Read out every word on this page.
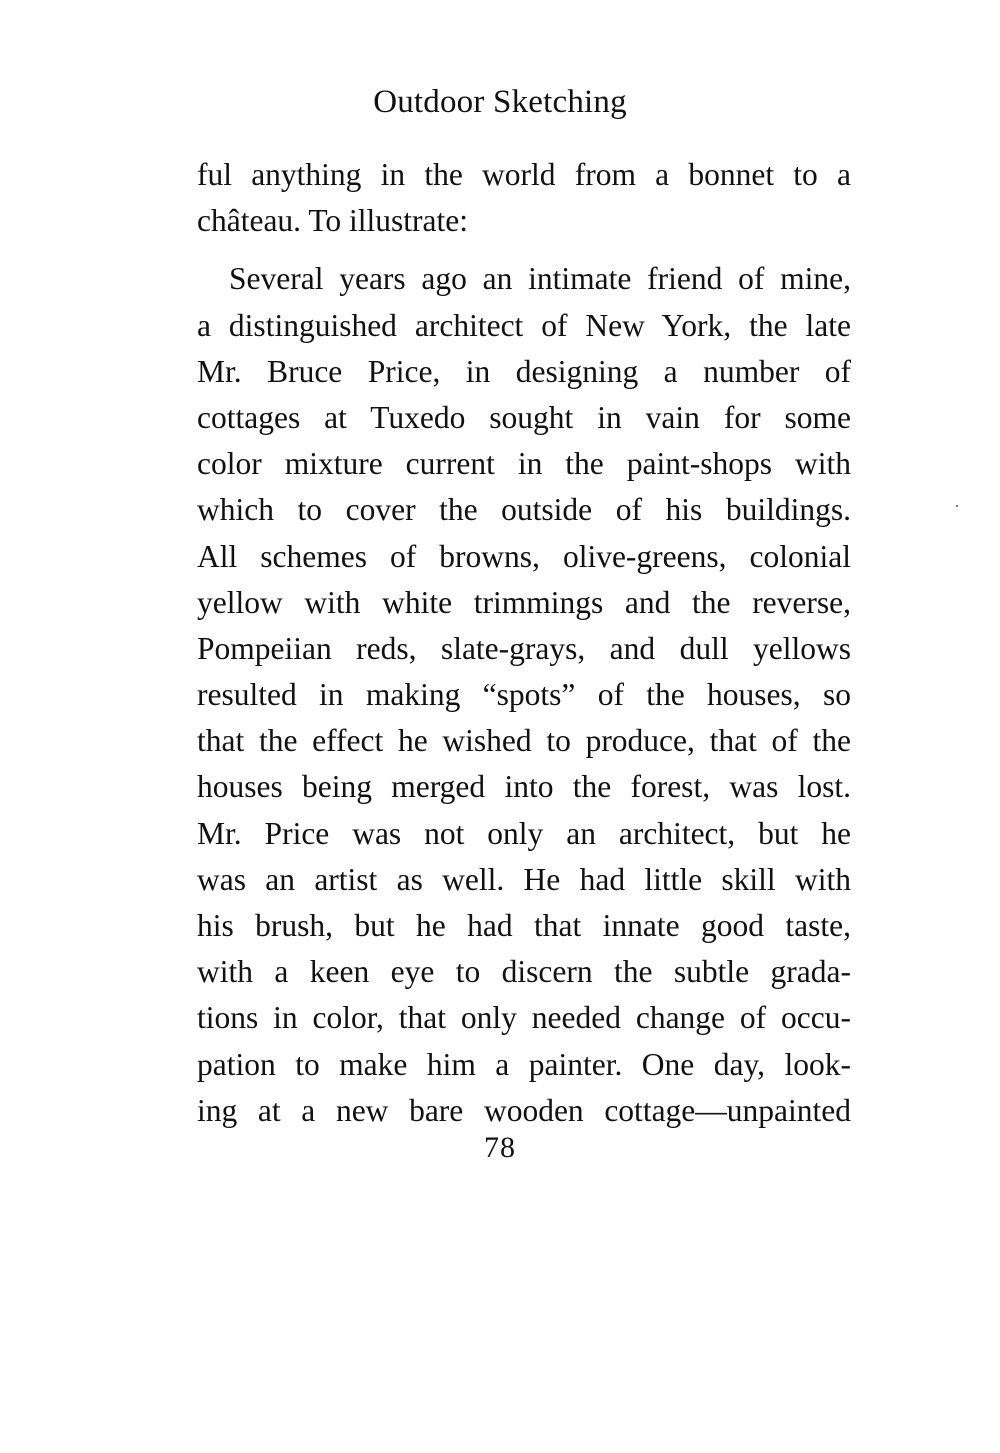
Outdoor Sketching
ful anything in the world from a bonnet to a
château. To illustrate:
Several years ago an intimate friend of mine,
a distinguished architect of New York, the late
Mr. Bruce Price, in designing a number of
cottages at Tuxedo sought in vain for some
color mixture current in the paint-shops with
which to cover the outside of his buildings.
All schemes of browns, olive-greens, colonial
yellow with white trimmings and the reverse,
Pompeiian reds, slate-grays, and dull yellows
resulted in making “spots” of the houses, so
that the effect he wished to produce, that of the
houses being merged into the forest, was lost.
Mr. Price was not only an architect, but he
was an artist as well. He had little skill with
his brush, but he had that innate good taste,
with a keen eye to discern the subtle grada-
tions in color, that only needed change of occu-
pation to make him a painter. One day, look-
ing at a new bare wooden cottage—unpainted
78
